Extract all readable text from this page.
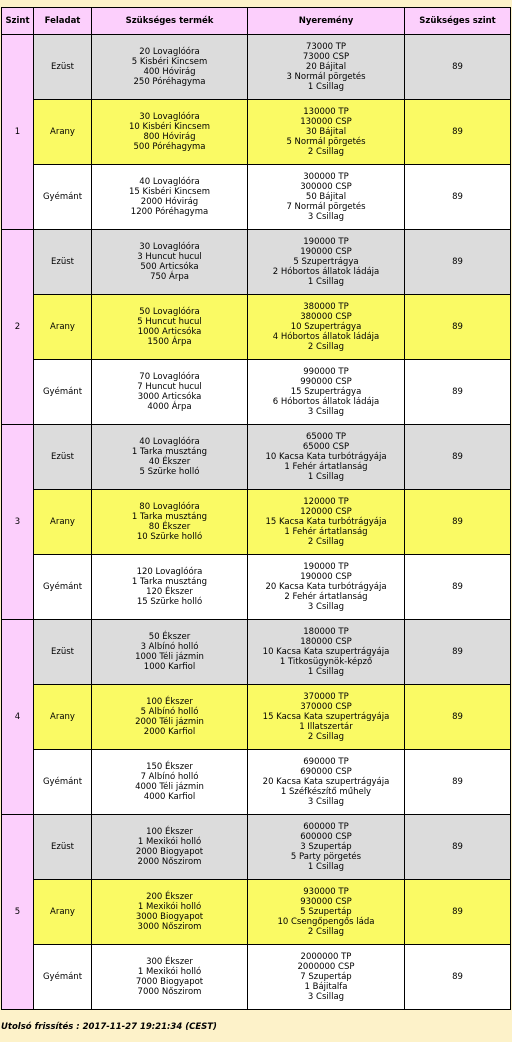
Szint	Feladat	Szükséges termék	Nyeremény	Szükséges szint
1	Ezüst	20 Lovaglóóra
5 Kisbéri Kincsem
400 Hóvirág
250 Póréhagyma	73000 TP
73000 CSP
20 Bájital
3 Normál pörgetés
1 Csillag	89
	Arany	30 Lovaglóóra
10 Kisbéri Kincsem
800 Hóvirág
500 Póréhagyma	130000 TP
130000 CSP
30 Bájital
5 Normál pörgetés
2 Csillag	89
	Gyémánt	40 Lovaglóóra
15 Kisbéri Kincsem
2000 Hóvirág
1200 Póréhagyma	300000 TP
300000 CSP
50 Bájital
7 Normál pörgetés
3 Csillag	89
2	Ezüst	30 Lovaglóóra
3 Huncut hucul
500 Articsóka
750 Árpa	190000 TP
190000 CSP
5 Szupertrágya
2 Hóbortos állatok ládája
1 Csillag	89
	Arany	50 Lovaglóóra
5 Huncut hucul
1000 Articsóka
1500 Árpa	380000 TP
380000 CSP
10 Szupertrágya
4 Hóbortos állatok ládája
2 Csillag	89
	Gyémánt	70 Lovaglóóra
7 Huncut hucul
3000 Articsóka
4000 Árpa	990000 TP
990000 CSP
15 Szupertrágya
6 Hóbortos állatok ládája
3 Csillag	89
3	Ezüst	40 Lovaglóóra
1 Tarka musztáng
40 Ékszer
5 Szürke holló	65000 TP
65000 CSP
10 Kacsa Kata turbótrágyája
1 Fehér ártatlanság
1 Csillag	89
	Arany	80 Lovaglóóra
1 Tarka musztáng
80 Ékszer
10 Szürke holló	120000 TP
120000 CSP
15 Kacsa Kata turbótrágyája
1 Fehér ártatlanság
2 Csillag	89
	Gyémánt	120 Lovaglóóra
1 Tarka musztáng
120 Ékszer
15 Szürke holló	190000 TP
190000 CSP
20 Kacsa Kata turbótrágyája
2 Fehér ártatlanság
3 Csillag	89
4	Ezüst	50 Ékszer
3 Albínó holló
1000 Téli jázmin
1000 Karfiol	180000 TP
180000 CSP
10 Kacsa Kata szupertrágyája
1 Titkosügynök-képző
1 Csillag	89
	Arany	100 Ékszer
5 Albínó holló
2000 Téli jázmin
2000 Karfiol	370000 TP
370000 CSP
15 Kacsa Kata szupertrágyája
1 Illatszertár
2 Csillag	89
	Gyémánt	150 Ékszer
7 Albínó holló
4000 Téli jázmin
4000 Karfiol	690000 TP
690000 CSP
20 Kacsa Kata szupertrágyája
1 Széfkészítő műhely
3 Csillag	89
5	Ezüst	100 Ékszer
1 Mexikói holló
2000 Biogyapot
2000 Nőszirom	600000 TP
600000 CSP
3 Szupertáp
5 Party pörgetés
1 Csillag	89
	Arany	200 Ékszer
1 Mexikói holló
3000 Biogyapot
3000 Nőszirom	930000 TP
930000 CSP
5 Szupertáp
10 Csengőpengős láda
2 Csillag	89
	Gyémánt	300 Ékszer
1 Mexikói holló
7000 Biogyapot
7000 Nőszirom	2000000 TP
2000000 CSP
7 Szupertáp
1 Bájitalfa
3 Csillag	89
Utolsó frissítés : 2017-11-27 19:21:34 (CEST)
